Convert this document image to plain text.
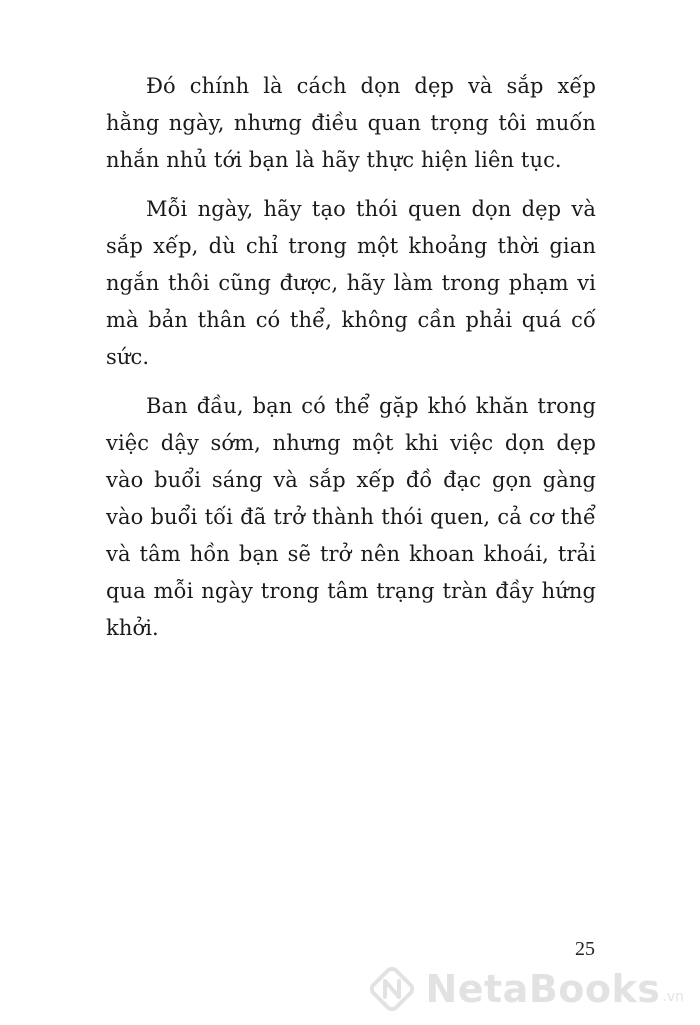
Đó chính là cách dọn dẹp và sắp xếp hằng ngày, nhưng điều quan trọng tôi muốn nhắn nhủ tới bạn là hãy thực hiện liên tục.

Mỗi ngày, hãy tạo thói quen dọn dẹp và sắp xếp, dù chỉ trong một khoảng thời gian ngắn thôi cũng được, hãy làm trong phạm vi mà bản thân có thể, không cần phải quá cố sức.

Ban đầu, bạn có thể gặp khó khăn trong việc dậy sớm, nhưng một khi việc dọn dẹp vào buổi sáng và sắp xếp đồ đạc gọn gàng vào buổi tối đã trở thành thói quen, cả cơ thể và tâm hồn bạn sẽ trở nên khoan khoái, trải qua mỗi ngày trong tâm trạng tràn đầy hứng khởi.

25
NetaBooks .vn
